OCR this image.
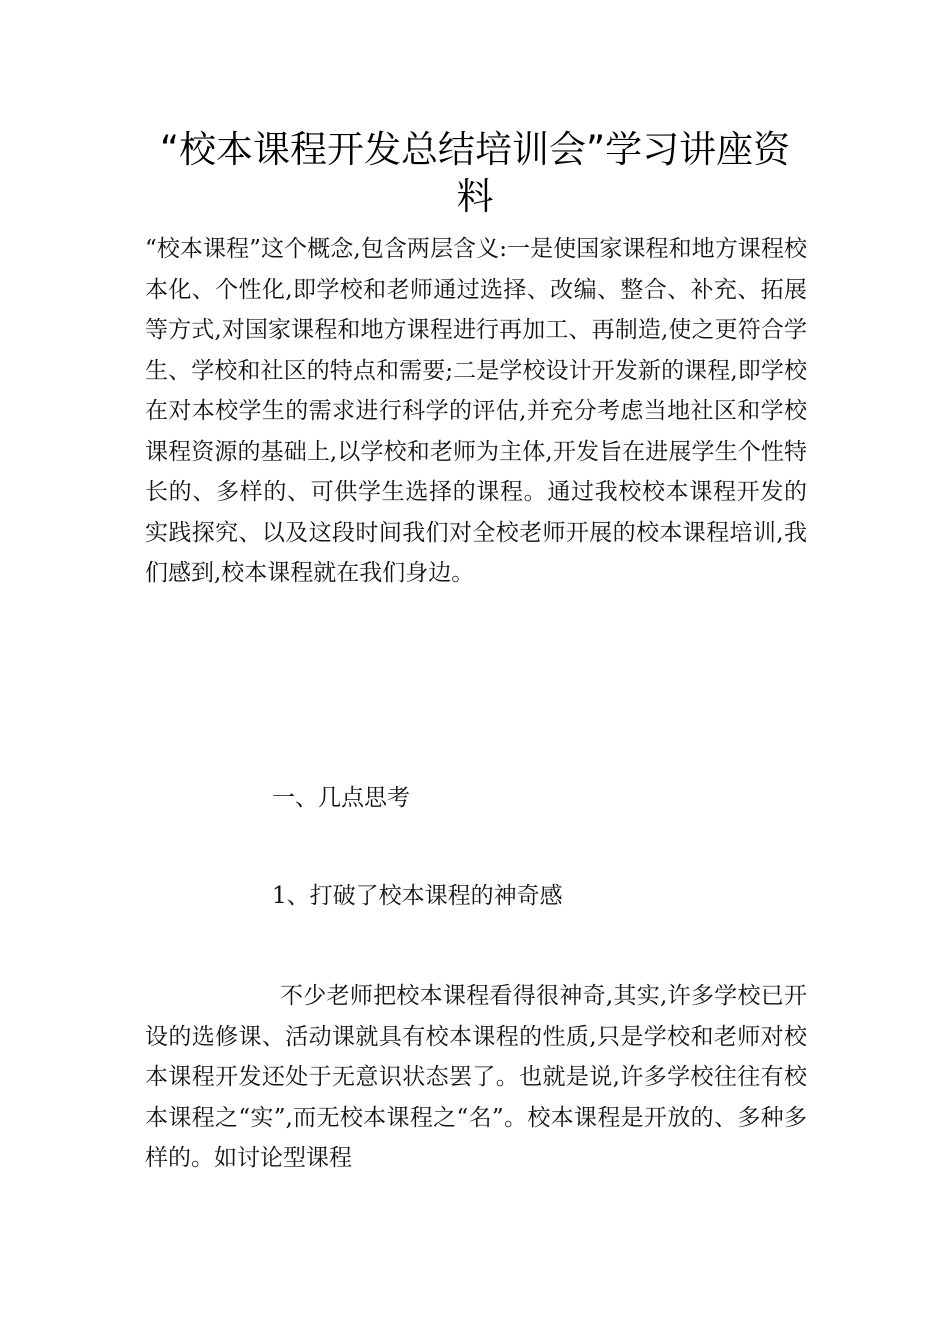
“校本课程开发总结培训会”学习讲座资料

“校本课程”这个概念,包含两层含义:一是使国家课程和地方课程校本化、个性化,即学校和老师通过选择、改编、整合、补充、拓展等方式,对国家课程和地方课程进行再加工、再制造,使之更符合学生、学校和社区的特点和需要;二是学校设计开发新的课程,即学校在对本校学生的需求进行科学的评估,并充分考虑当地社区和学校课程资源的基础上,以学校和老师为主体,开发旨在进展学生个性特长的、多样的、可供学生选择的课程。通过我校校本课程开发的实践探究、以及这段时间我们对全校老师开展的校本课程培训,我们感到,校本课程就在我们身边。

一、几点思考
1、打破了校本课程的神奇感

不少老师把校本课程看得很神奇,其实,许多学校已开设的选修课、活动课就具有校本课程的性质,只是学校和老师对校本课程开发还处于无意识状态罢了。也就是说,许多学校往往有校本课程之“实”,而无校本课程之“名”。校本课程是开放的、多种多样的。如讨论型课程
